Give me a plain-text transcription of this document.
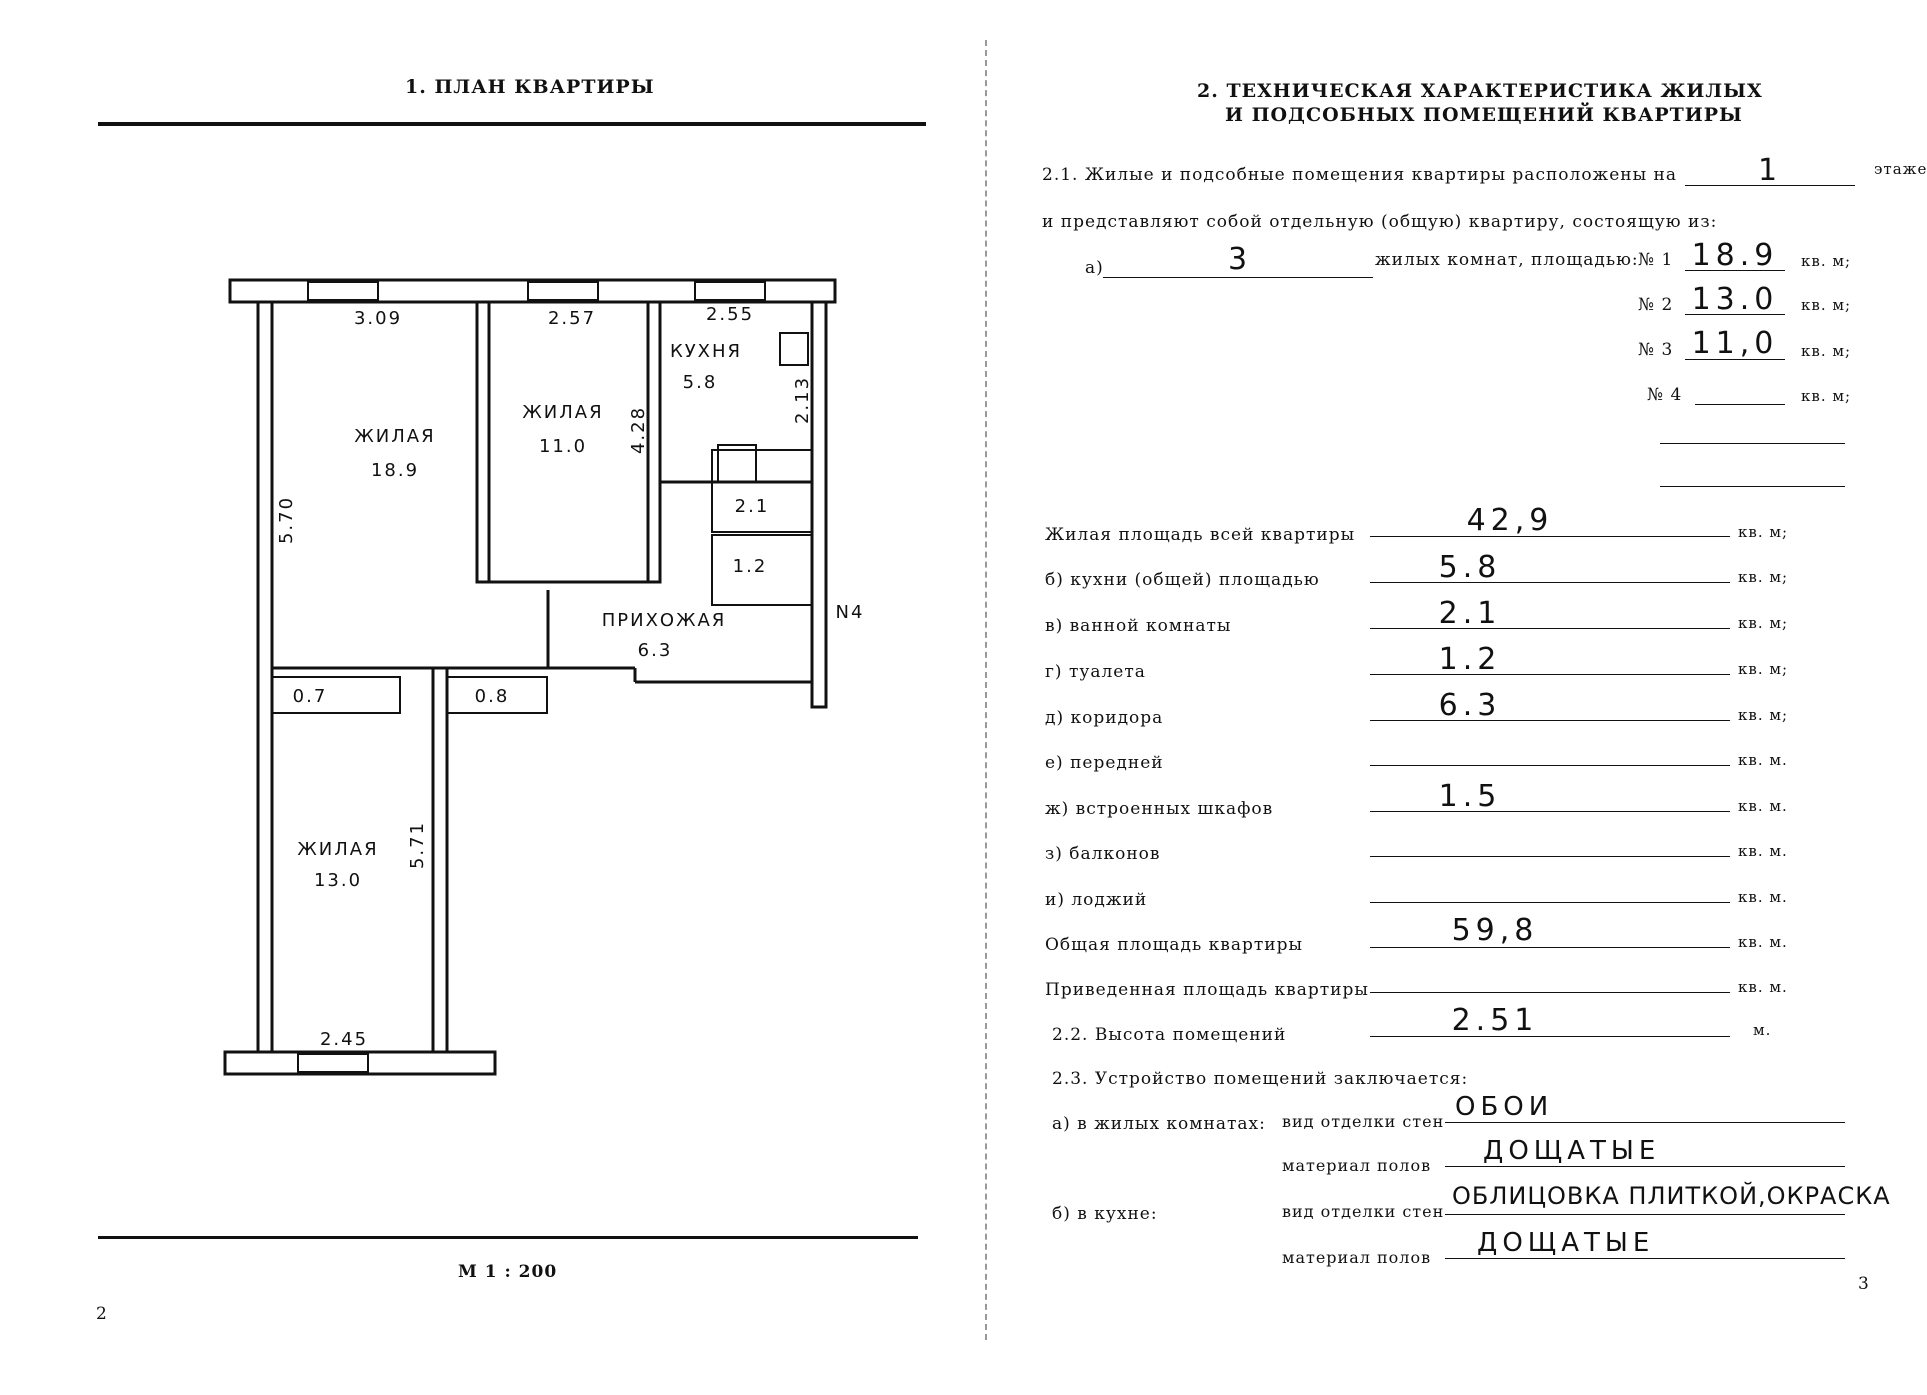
1. ПЛАН КВАРТИРЫ
ЖИЛАЯ
18.9
ЖИЛАЯ
11.0
КУХНЯ
5.8
ЖИЛАЯ
13.0
ПРИХОЖАЯ
6.3
2.1
1.2
0.7	0.8
3.09	2.57	2.55
5.70
4.28
2.13
5.71
2.45
N4
М 1 : 200
2
2. ТЕХНИЧЕСКАЯ ХАРАКТЕРИСТИКА ЖИЛЫХ
И ПОДСОБНЫХ ПОМЕЩЕНИЙ КВАРТИРЫ
2.1. Жилые и подсобные помещения квартиры расположены на	1	этаже
и представляют собой отдельную (общую) квартиру, состоящую из:
а)	3	жилых комнат, площадью: № 1 18.9	кв. м;
№ 2 13.0	кв. м;
№ 3 11,0	кв. м;
№ 4	кв. м;
Жилая площадь всей квартиры	42,9	кв. м;
б) кухни (общей) площадью	5.8	кв. м;
в) ванной комнаты	2.1	кв. м;
г) туалета	1.2	кв. м;
д) коридора	6.3	кв. м;
е) передней	кв. м.
ж) встроенных шкафов	1.5	кв. м.
з) балконов	кв. м.
и) лоджий	кв. м.
Общая площадь квартиры	59,8	кв. м.
Приведенная площадь квартиры	кв. м.
2.2. Высота помещений	2.51	м.
2.3. Устройство помещений заключается:
а) в жилых комнатах: вид отделки стен ОБОИ
материал полов ДОЩАТЫЕ
б) в кухне:	вид отделки стен
ОБЛИЦОВКА ПЛИТКОЙ,ОКРАСКА
материал полов ДОЩАТЫЕ
3
